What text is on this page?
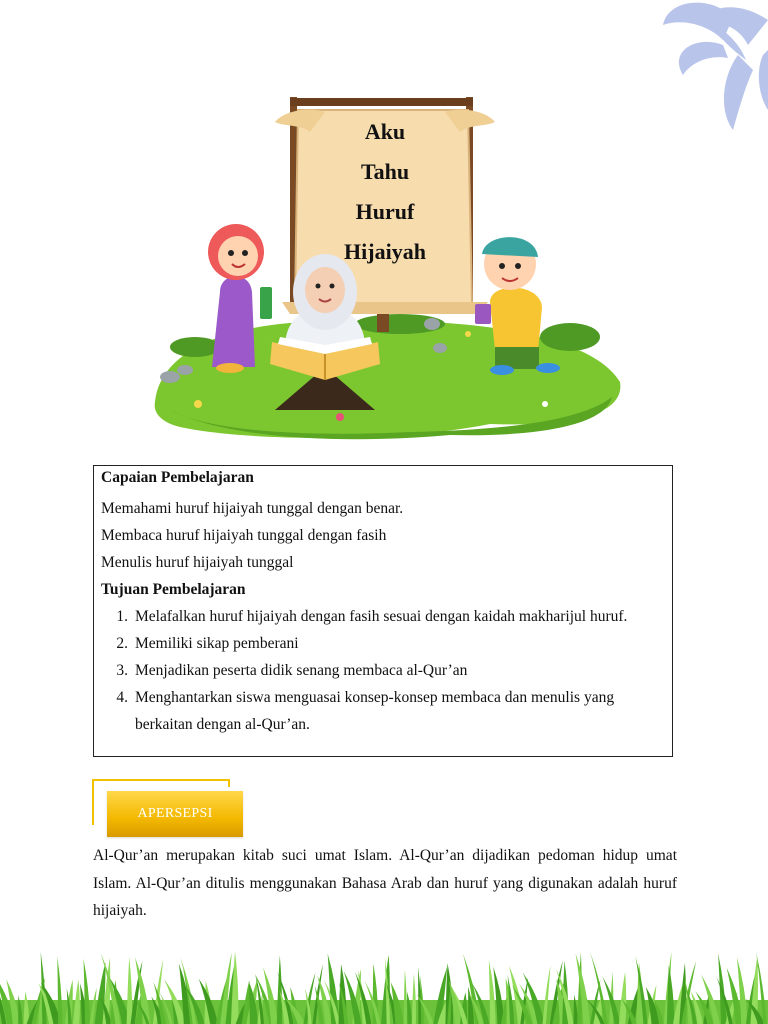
Aku
Tahu
Huruf
Hijaiyah
Capaian Pembelajaran
Memahami huruf hijaiyah tunggal dengan benar.
Membaca huruf hijaiyah tunggal dengan fasih
Menulis huruf hijaiyah tunggal
Tujuan Pembelajaran
1. Melafalkan huruf hijaiyah dengan fasih sesuai dengan kaidah makharijul huruf.
2. Memiliki sikap pemberani
3. Menjadikan peserta didik senang membaca al-Qur’an
4. Menghantarkan siswa menguasai konsep-konsep membaca dan menulis yang berkaitan dengan al-Qur’an.
APERSEPSI

Al-Qur’an merupakan kitab suci umat Islam. Al-Qur’an dijadikan pedoman hidup umat Islam. Al-Qur’an ditulis menggunakan Bahasa Arab dan huruf yang digunakan adalah huruf hijaiyah.
